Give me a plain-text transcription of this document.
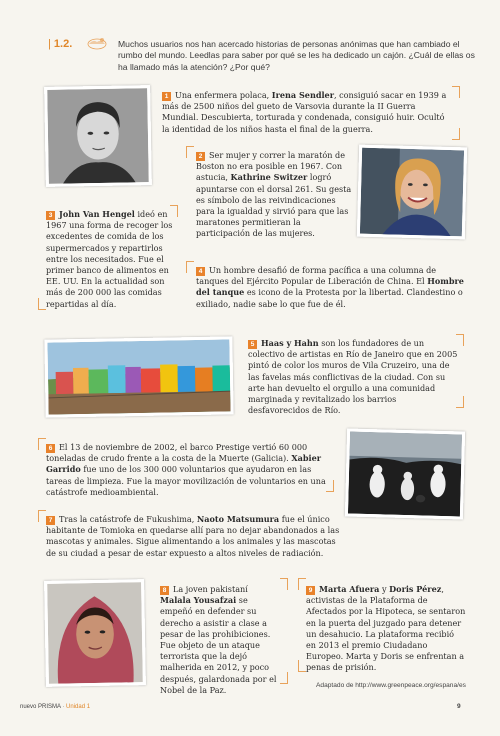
| 1.2.	Muchos usuarios nos han acercado historias de personas anónimas que han cambiado el rumbo del mundo. Leedlas para saber por qué se les ha dedicado un cajón. ¿Cuál de ellas os ha llamado más la atención? ¿Por qué?
1 Una enfermera polaca, Irena Sendler, consiguió sacar en 1939 a más de 2500 niños del gueto de Varsovia durante la II Guerra Mundial. Descubierta, torturada y condenada, consiguió huir. Ocultó la identidad de los niños hasta el final de la guerra.
2 Ser mujer y correr la maratón de Boston no era posible en 1967. Con astucia, Kathrine Switzer logró apuntarse con el dorsal 261. Su gesta es símbolo de las reivindicaciones para la igualdad y sirvió para que las maratones permitieran la participación de las mujeres.
3 John Van Hengel ideó en 1967 una forma de recoger los excedentes de comida de los supermercados y repartirlos entre los necesitados. Fue el primer banco de alimentos en EE. UU. En la actualidad son más de 200 000 las comidas repartidas al día.
4 Un hombre desafió de forma pacífica a una columna de tanques del Ejército Popular de Liberación de China. El Hombre del tanque es icono de la Protesta por la libertad. Clandestino o exiliado, nadie sabe lo que fue de él.
5 Haas y Hahn son los fundadores de un colectivo de artistas en Río de Janeiro que en 2005 pintó de color los muros de Vila Cruzeiro, una de las favelas más conflictivas de la ciudad. Con su arte han devuelto el orgullo a una comunidad marginada y revitalizado los barrios desfavorecidos de Río.
6 El 13 de noviembre de 2002, el barco Prestige vertió 60 000 toneladas de crudo frente a la costa de la Muerte (Galicia). Xabier Garrido fue uno de los 300 000 voluntarios que ayudaron en las tareas de limpieza. Fue la mayor movilización de voluntarios en una catástrofe medioambiental.
7 Tras la catástrofe de Fukushima, Naoto Matsumura fue el único habitante de Tomioka en quedarse allí para no dejar abandonados a las mascotas y animales. Sigue alimentando a los animales y las mascotas de su ciudad a pesar de estar expuesto a altos niveles de radiación.
8 La joven pakistaní Malala Yousafzai se empeñó en defender su derecho a asistir a clase a pesar de las prohibiciones. Fue objeto de un ataque terrorista que la dejó malherida en 2012, y poco después, galardonada por el Nobel de la Paz.
9 Marta Afuera y Doris Pérez, activistas de la Plataforma de Afectados por la Hipoteca, se sentaron en la puerta del juzgado para detener un desahucio. La plataforma recibió en 2013 el premio Ciudadano Europeo. Marta y Doris se enfrentan a penas de prisión.
Adaptado de http://www.greenpeace.org/espana/es
nuevo PRISMA · Unidad 1	9
